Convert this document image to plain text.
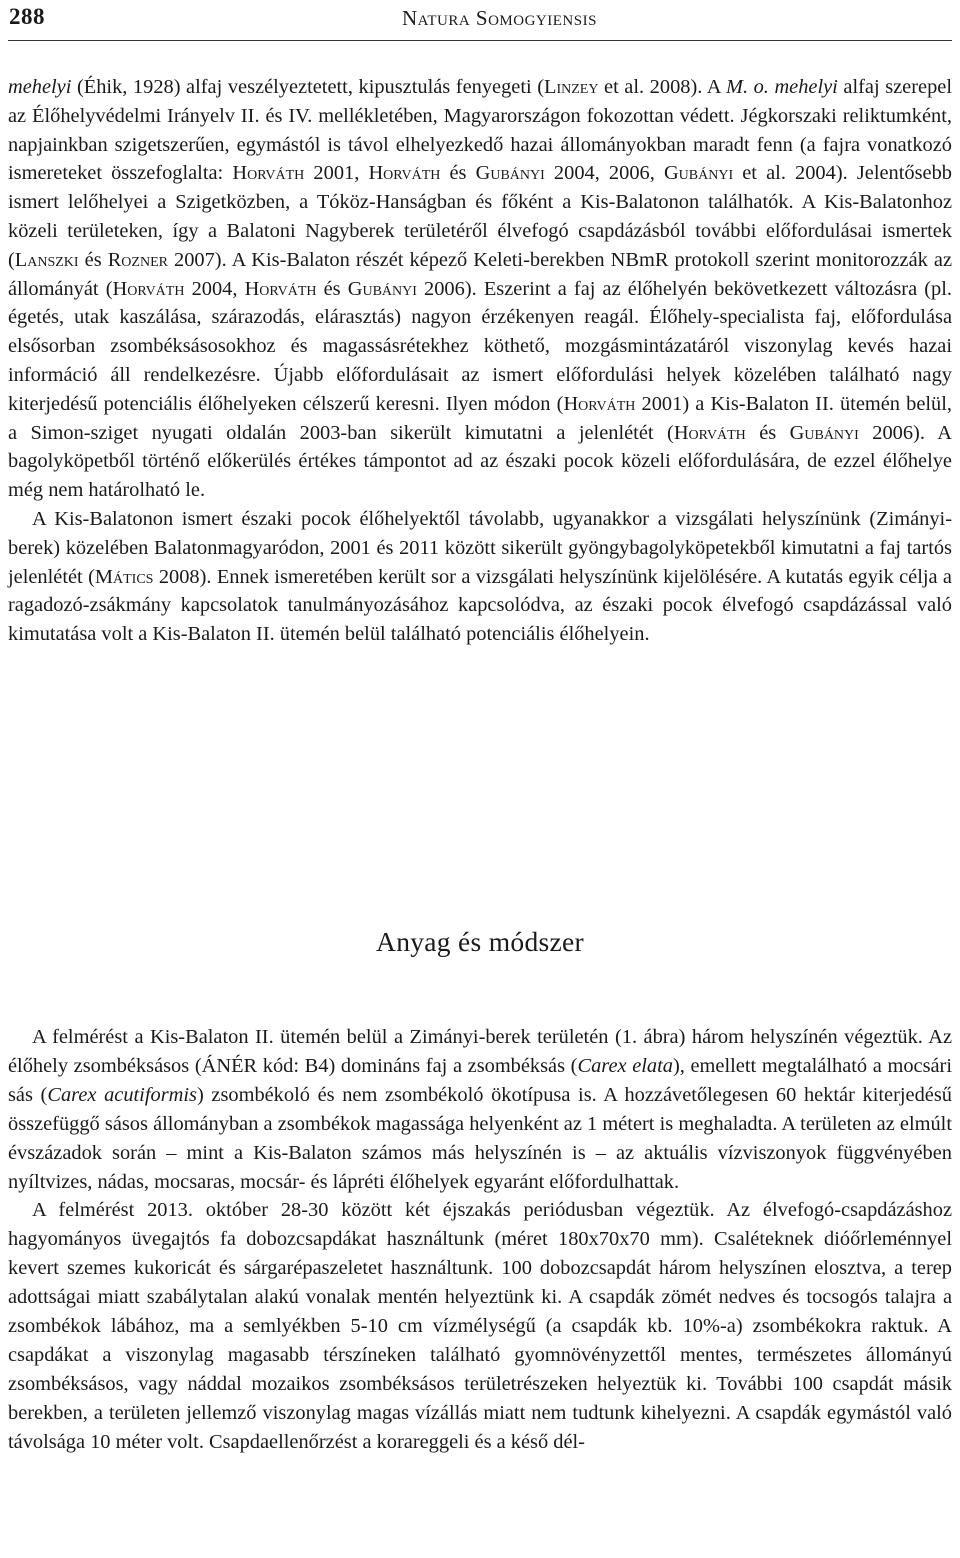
288	Natura Somogyiensis

mehelyi (Éhik, 1928) alfaj veszélyeztetett, kipusztulás fenyegeti (Linzey et al. 2008). A M. o. mehelyi alfaj szerepel az Élőhelyvédelmi Irányelv II. és IV. mellékletében, Magyarországon fokozottan védett. Jégkorszaki reliktumként, napjainkban szigetszerűen, egymástól is távol elhelyezkedő hazai állományokban maradt fenn (a fajra vonatkozó ismereteket összefoglalta: Horváth 2001, Horváth és Gubányi 2004, 2006, Gubányi et al. 2004). Jelentősebb ismert lelőhelyei a Szigetközben, a Tóköz-Hanságban és főként a Kis-Balatonon találhatók. A Kis-Balatonhoz közeli területeken, így a Balatoni Nagyberek területéről élvefogó csapdázásból további előfordulásai ismertek (Lanszki és Rozner 2007). A Kis-Balaton részét képező Keleti-berekben NBmR protokoll szerint monitorozzák az állományát (Horváth 2004, Horváth és Gubányi 2006). Eszerint a faj az élőhelyén bekövetkezett változásra (pl. égetés, utak kaszálása, szárazodás, elárasztás) nagyon érzékenyen reagál. Élőhely-specialista faj, előfordulása elsősorban zsombéksásosokhoz és magassásrétekhez köthető, mozgásmintázatáról viszonylag kevés hazai információ áll rendelkezésre. Újabb előfordulásait az ismert előfordulási helyek közelében található nagy kiterjedésű potenciális élőhelyeken célszerű keresni. Ilyen módon (Horváth 2001) a Kis-Balaton II. ütemén belül, a Simon-sziget nyugati oldalán 2003-ban sikerült kimutatni a jelenlétét (Horváth és Gubányi 2006). A bagolyköpetből történő előkerülés értékes támpontot ad az északi pocok közeli előfordulására, de ezzel élőhelye még nem határolható le.

A Kis-Balatonon ismert északi pocok élőhelyektől távolabb, ugyanakkor a vizsgálati helyszínünk (Zimányi-berek) közelében Balatonmagyaródon, 2001 és 2011 között sikerült gyöngybagolyköpetekből kimutatni a faj tartós jelenlétét (Mátics 2008). Ennek ismeretében került sor a vizsgálati helyszínünk kijelölésére. A kutatás egyik célja a ragadozó-zsákmány kapcsolatok tanulmányozásához kapcsolódva, az északi pocok élvefogó csapdázással való kimutatása volt a Kis-Balaton II. ütemén belül található potenciális élőhelyein.

Anyag és módszer

A felmérést a Kis-Balaton II. ütemén belül a Zimányi-berek területén (1. ábra) három helyszínén végeztük. Az élőhely zsombéksásos (ÁNÉR kód: B4) domináns faj a zsombéksás (Carex elata), emellett megtalálható a mocsári sás (Carex acutiformis) zsombékoló és nem zsombékoló ökotípusa is. A hozzávetőlegesen 60 hektár kiterjedésű összefüggő sásos állományban a zsombékok magassága helyenként az 1 métert is meghaladta. A területen az elmúlt évszázadok során – mint a Kis-Balaton számos más helyszínén is – az aktuális vízviszonyok függvényében nyíltvizes, nádas, mocsaras, mocsár- és lápréti élőhelyek egyaránt előfordulhattak.

A felmérést 2013. október 28-30 között két éjszakás periódusban végeztük. Az élvefogó-csapdázáshoz hagyományos üvegajtós fa dobozcsapdákat használtunk (méret 180x70x70 mm). Csaléteknek dióőrleménnyel kevert szemes kukoricát és sárgarépaszeletet használtunk. 100 dobozcsapdát három helyszínen elosztva, a terep adottságai miatt szabálytalan alakú vonalak mentén helyeztünk ki. A csapdák zömét nedves és tocsogós talajra a zsombékok lábához, ma a semlyékben 5-10 cm vízmélységű (a csapdák kb. 10%-a) zsombékokra raktuk. A csapdákat a viszonylag magasabb térszíneken található gyomnövényzettől mentes, természetes állományú zsombéksásos, vagy náddal mozaikos zsombéksásos területrészeken helyeztük ki. További 100 csapdát másik berekben, a területen jellemző viszonylag magas vízállás miatt nem tudtunk kihelyezni. A csapdák egymástól való távolsága 10 méter volt. Csapdaellenőrzést a korareggeli és a késő dél-
